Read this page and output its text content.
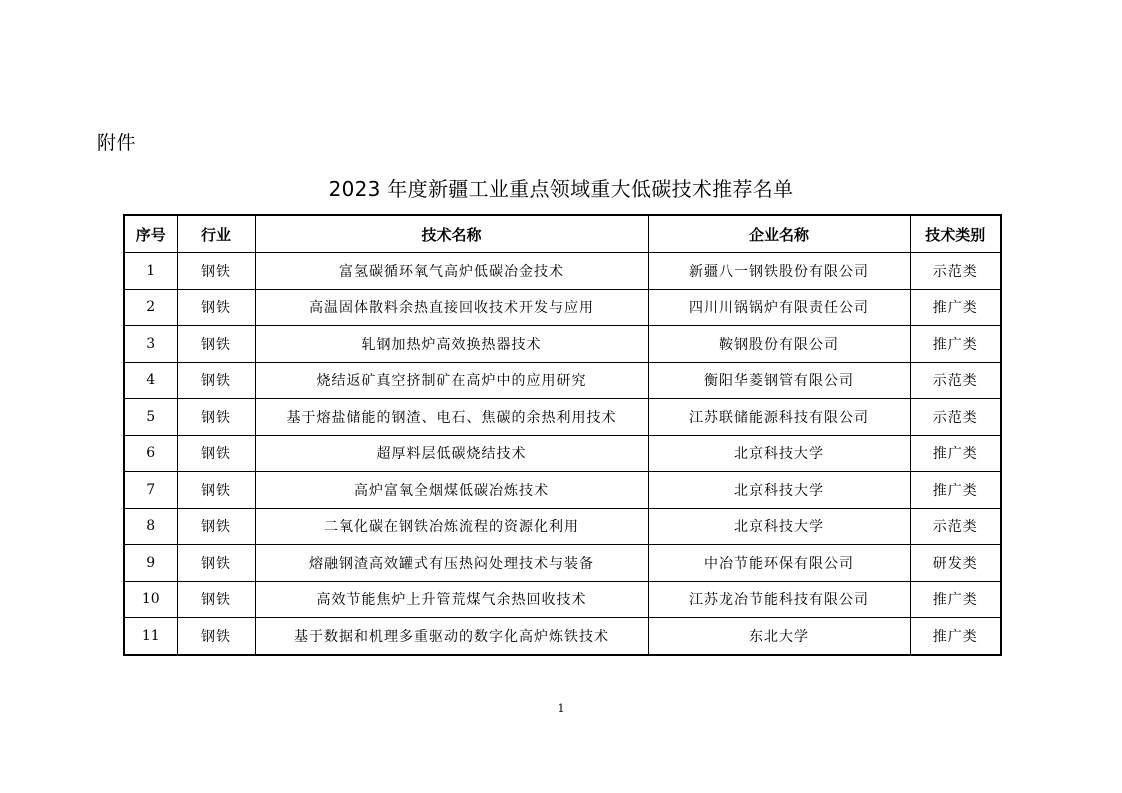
附件
2023 年度新疆工业重点领域重大低碳技术推荐名单
序号	行业	技术名称	企业名称	技术类别
1	钢铁	富氢碳循环氧气高炉低碳冶金技术	新疆八一钢铁股份有限公司	示范类
2	钢铁	高温固体散料余热直接回收技术开发与应用	四川川锅锅炉有限责任公司	推广类
3	钢铁	轧钢加热炉高效换热器技术	鞍钢股份有限公司	推广类
4	钢铁	烧结返矿真空挤制矿在高炉中的应用研究	衡阳华菱钢管有限公司	示范类
5	钢铁	基于熔盐储能的钢渣、电石、焦碳的余热利用技术	江苏联储能源科技有限公司	示范类
6	钢铁	超厚料层低碳烧结技术	北京科技大学	推广类
7	钢铁	高炉富氧全烟煤低碳冶炼技术	北京科技大学	推广类
8	钢铁	二氧化碳在钢铁冶炼流程的资源化利用	北京科技大学	示范类
9	钢铁	熔融钢渣高效罐式有压热闷处理技术与装备	中冶节能环保有限公司	研发类
10	钢铁	高效节能焦炉上升管荒煤气余热回收技术	江苏龙冶节能科技有限公司	推广类
11	钢铁	基于数据和机理多重驱动的数字化高炉炼铁技术	东北大学	推广类
1
